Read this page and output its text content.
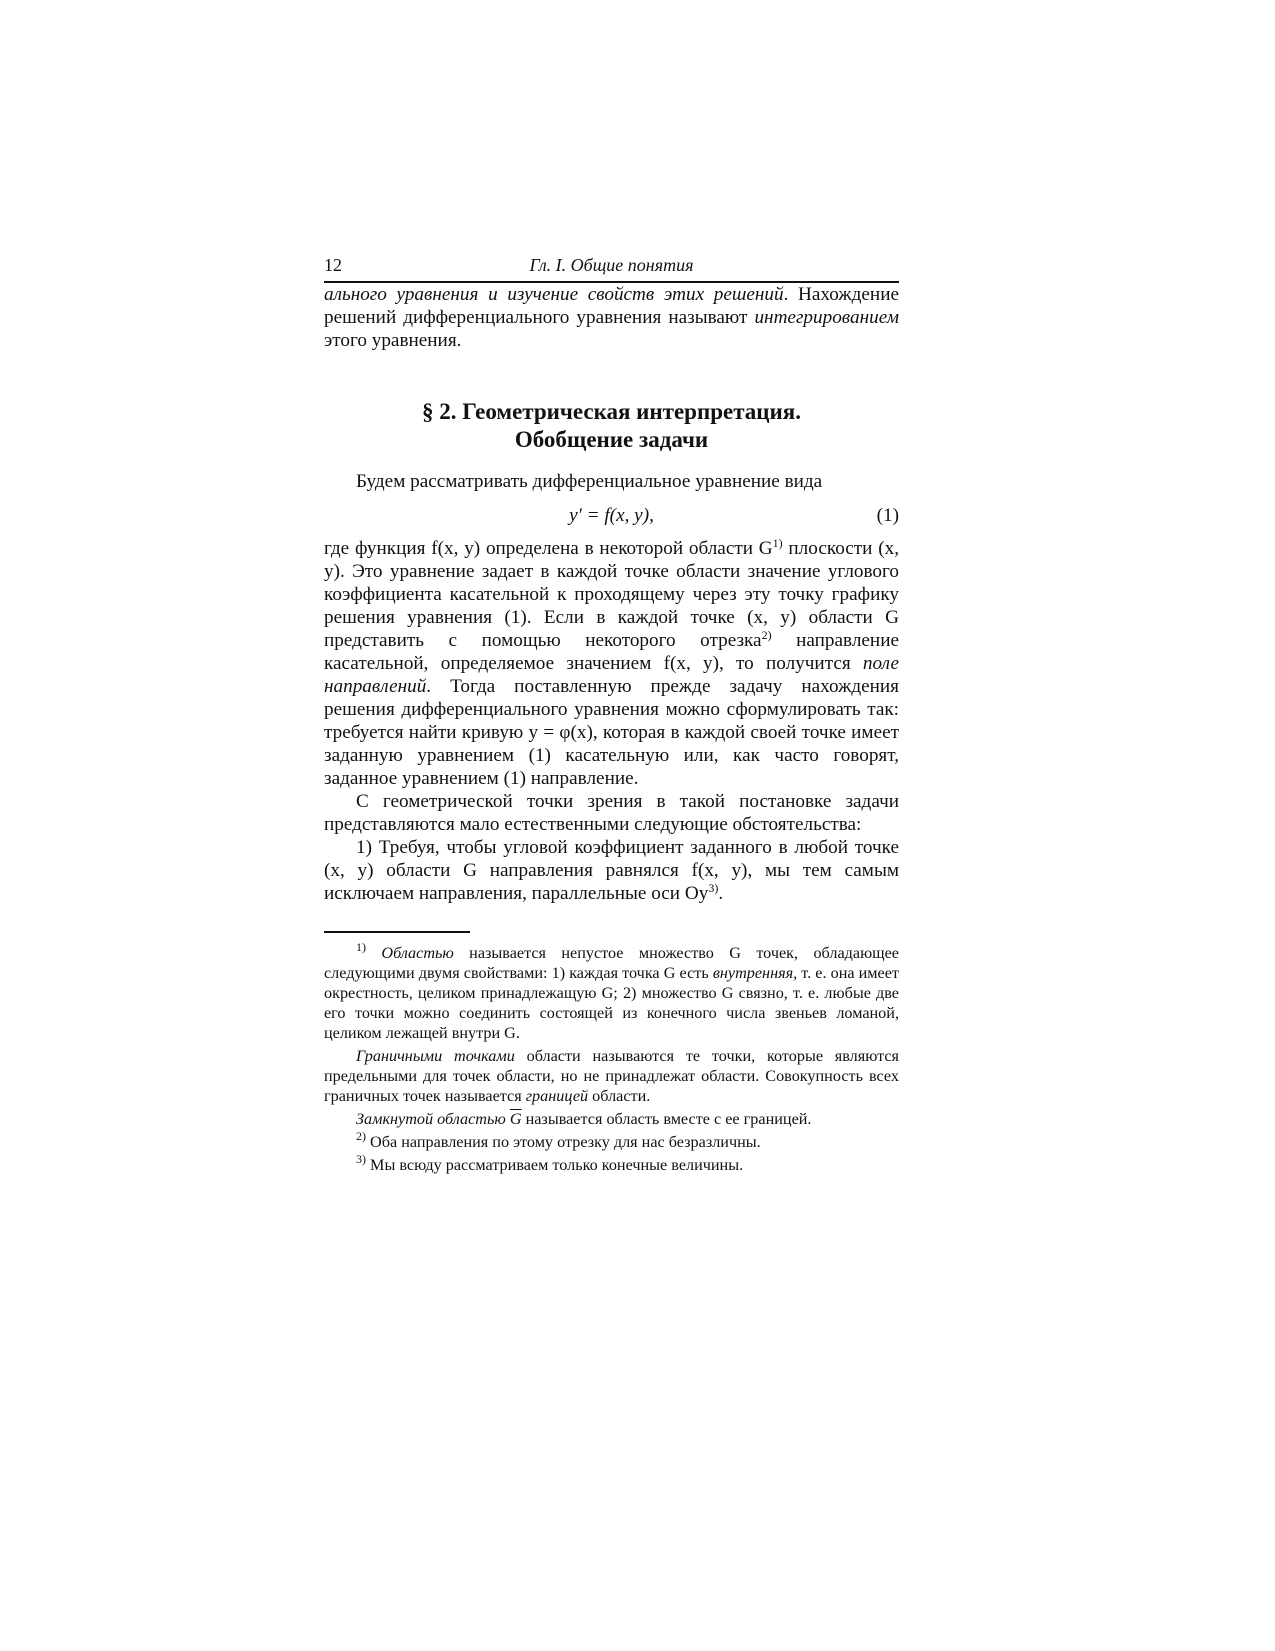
12	Гл. I. Общие понятия

ального уравнения и изучение свойств этих решений. Нахождение решений дифференциального уравнения называют интегрированием этого уравнения.

§ 2. Геометрическая интерпретация.
Обобщение задачи

Будем рассматривать дифференциальное уравнение вида

y′ = f(x, y),	(1)

где функция f(x, y) определена в некоторой области $G^{1)}$ плоскости (x, y). Это уравнение задает в каждой точке области значение углового коэффициента касательной к проходящему через эту точку графику решения уравнения (1). Если в каждой точке (x, y) области G представить с помощью некоторого отрезка$^{2)}$ направление касательной, определяемое значением f(x, y), то получится поле направлений. Тогда поставленную прежде задачу нахождения решения дифференциального уравнения можно сформулировать так: требуется найти кривую y = φ(x), которая в каждой своей точке имеет заданную уравнением (1) касательную или, как часто говорят, заданное уравнением (1) направление.

С геометрической точки зрения в такой постановке задачи представляются мало естественными следующие обстоятельства:

1) Требуя, чтобы угловой коэффициент заданного в любой точке (x, y) области G направления равнялся f(x, y), мы тем самым исключаем направления, параллельные оси Oy$^{3)}$.

$^{1)}$ Областью называется непустое множество G точек, обладающее следующими двумя свойствами: 1) каждая точка G есть внутренняя, т. е. она имеет окрестность, целиком принадлежащую G; 2) множество G связно, т. е. любые две его точки можно соединить состоящей из конечного числа звеньев ломаной, целиком лежащей внутри G.

Граничными точками области называются те точки, которые являются предельными для точек области, но не принадлежат области. Совокупность всех граничных точек называется границей области.

Замкнутой областью $\overline{G}$ называется область вместе с ее границей.

$^{2)}$ Оба направления по этому отрезку для нас безразличны.

$^{3)}$ Мы всюду рассматриваем только конечные величины.
